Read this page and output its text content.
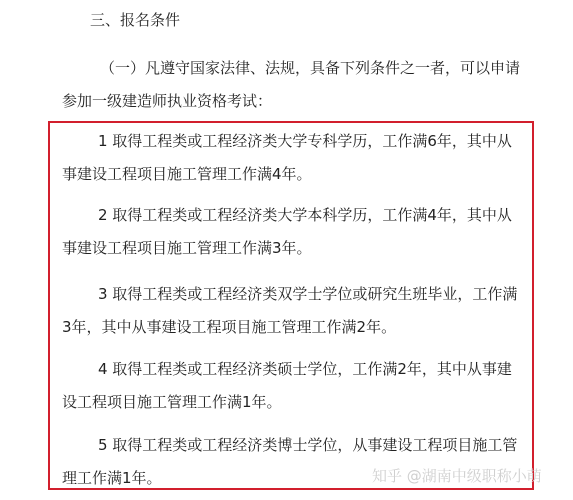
三、报名条件
（一）凡遵守国家法律、法规，具备下列条件之一者，可以申请参加一级建造师执业资格考试：
1 取得工程类或工程经济类大学专科学历，工作满6年，其中从事建设工程项目施工管理工作满4年。
2 取得工程类或工程经济类大学本科学历，工作满4年，其中从事建设工程项目施工管理工作满3年。
3 取得工程类或工程经济类双学士学位或研究生班毕业，工作满3年，其中从事建设工程项目施工管理工作满2年。
4 取得工程类或工程经济类硕士学位，工作满2年，其中从事建设工程项目施工管理工作满1年。
5 取得工程类或工程经济类博士学位，从事建设工程项目施工管理工作满1年。	知乎 @湖南中级职称小萌
